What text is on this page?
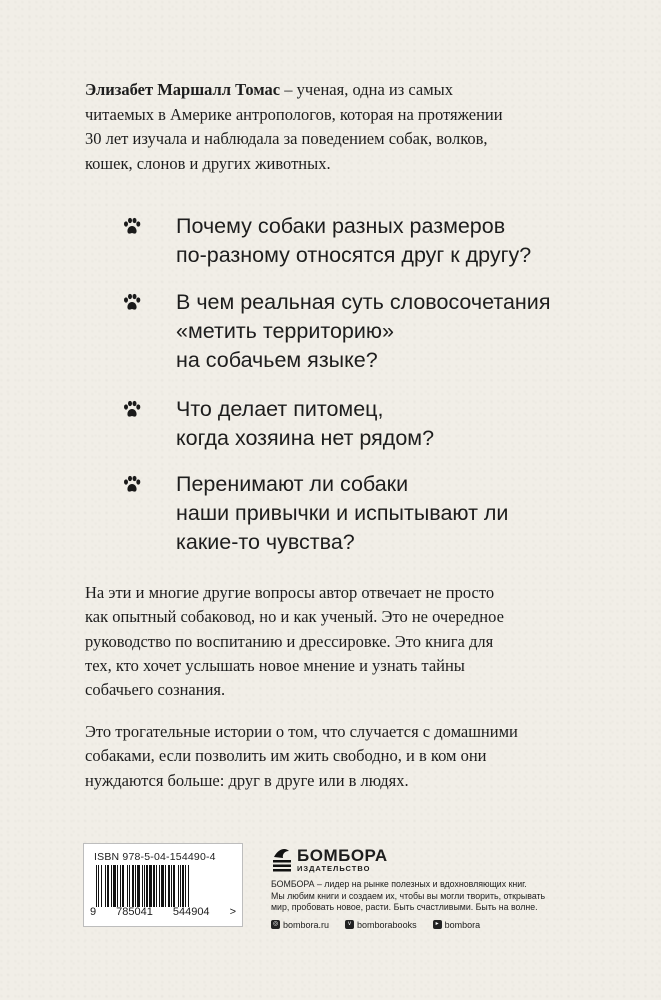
Элизабет Маршалл Томас – ученая, одна из самых
читаемых в Америке антропологов, которая на протяжении
30 лет изучала и наблюдала за поведением собак, волков,
кошек, слонов и других животных.
Почему собаки разных размеров
по-разному относятся друг к другу?
В чем реальная суть словосочетания
«метить территорию»
на собачьем языке?
Что делает питомец,
когда хозяина нет рядом?
Перенимают ли собаки
наши привычки и испытывают ли
какие-то чувства?
На эти и многие другие вопросы автор отвечает не просто
как опытный собаковод, но и как ученый. Это не очередное
руководство по воспитанию и дрессировке. Это книга для
тех, кто хочет услышать новое мнение и узнать тайны
собачьего сознания.
Это трогательные истории о том, что случается с домашними
собаками, если позволить им жить свободно, и в ком они
нуждаются больше: друг в друге или в людях.
ISBN 978-5-04-154490-4
9 785041 544904 >
БОМБОРА
ИЗДАТЕЛЬСТВО
БОМБОРА – лидер на рынке полезных и вдохновляющих книг.
Мы любим книги и создаем их, чтобы вы могли творить, открывать
мир, пробовать новое, расти. Быть счастливыми. Быть на волне.
◎ bombora.ru	v bomborabooks	▸ bombora
